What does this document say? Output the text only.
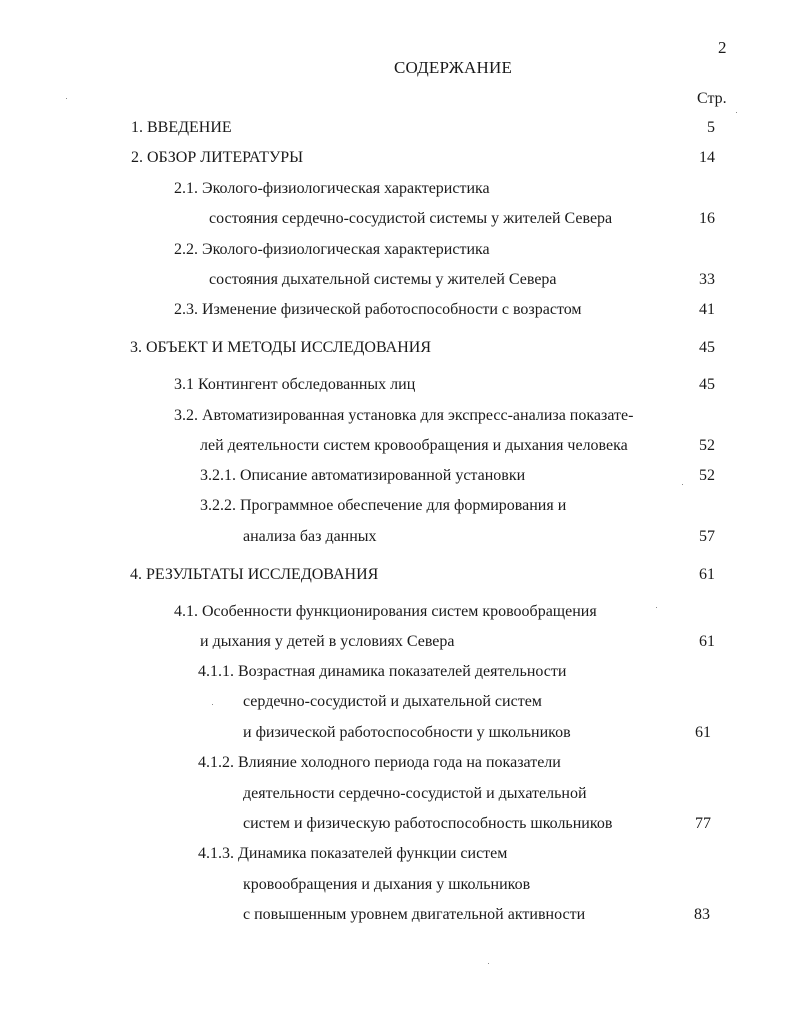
2
СОДЕРЖАНИЕ
Стр.
1. ВВЕДЕНИЕ	5
2. ОБЗОР ЛИТЕРАТУРЫ	14
2.1. Эколого-физиологическая характеристика
состояния сердечно-сосудистой системы у жителей Севера	16
2.2. Эколого-физиологическая характеристика
состояния дыхательной системы у жителей Севера	33
2.3. Изменение физической работоспособности с возрастом	41
3. ОБЪЕКТ И МЕТОДЫ ИССЛЕДОВАНИЯ	45
3.1 Контингент обследованных лиц	45
3.2. Автоматизированная установка для экспресс-анализа показате-
лей деятельности систем кровообращения и дыхания человека	52
3.2.1. Описание автоматизированной установки	52
3.2.2. Программное обеспечение для формирования и
анализа баз данных	57
4. РЕЗУЛЬТАТЫ ИССЛЕДОВАНИЯ	61
4.1. Особенности функционирования систем кровообращения
и дыхания у детей в условиях Севера	61
4.1.1. Возрастная динамика показателей деятельности
сердечно-сосудистой и дыхательной систем
и физической работоспособности у школьников	61
4.1.2. Влияние холодного периода года на показатели
деятельности сердечно-сосудистой и дыхательной
систем и физическую работоспособность школьников	77
4.1.3. Динамика показателей функции систем
кровообращения и дыхания у школьников
с повышенным уровнем двигательной активности	83
